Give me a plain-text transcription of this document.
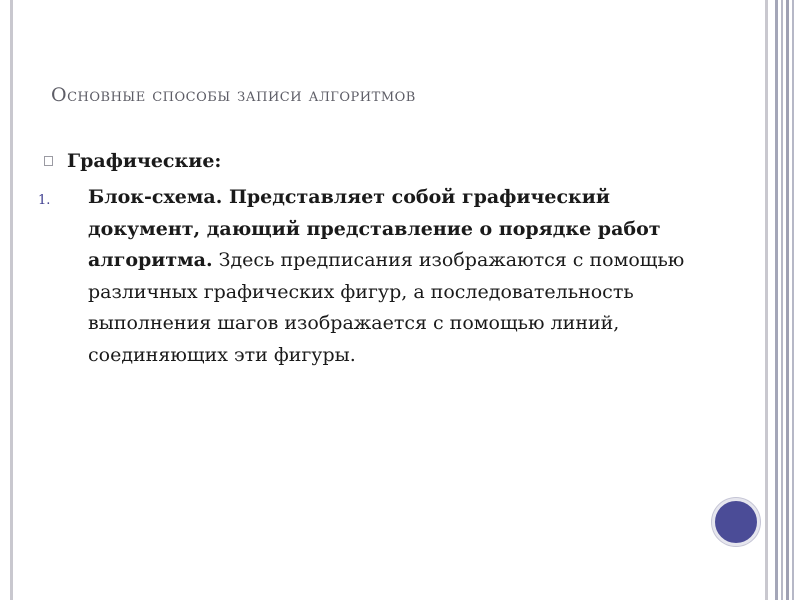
Основные способы записи алгоритмов
Графические:
1. Блок-схема. Представляет собой графический документ, дающий представление о порядке работ алгоритма. Здесь предписания изображаются с помощью различных графических фигур, а последовательность выполнения шагов изображается с помощью линий, соединяющих эти фигуры.
